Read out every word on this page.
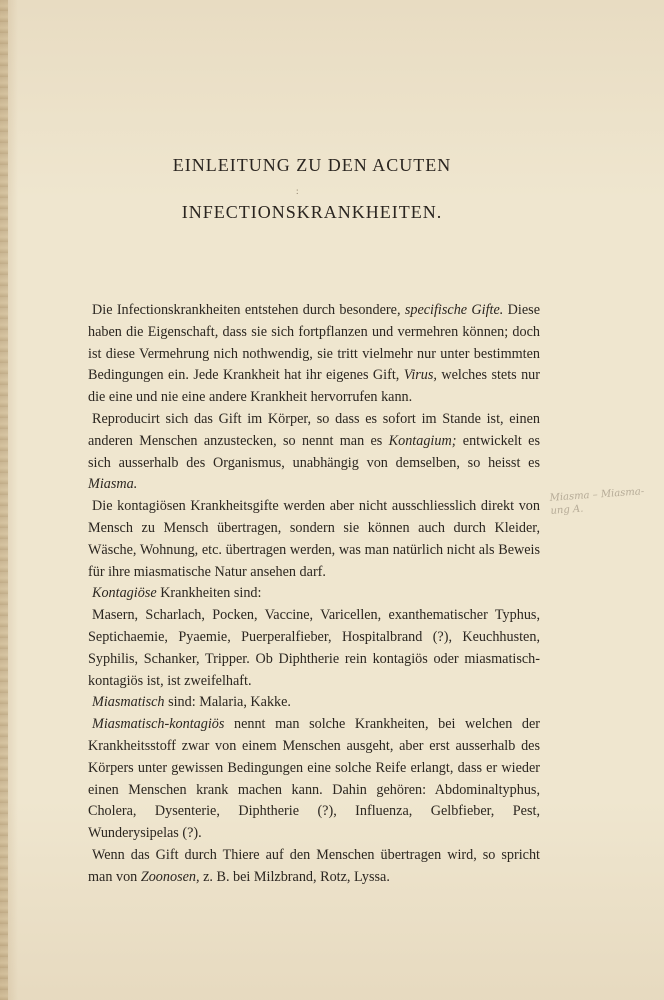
EINLEITUNG ZU DEN ACUTEN
:
INFECTIONSKRANKHEITEN.

Die Infectionskrankheiten entstehen durch besondere, specifische Gifte. Diese haben die Eigenschaft, dass sie sich fortpflanzen und vermehren können; doch ist diese Vermehrung nich nothwendig, sie tritt vielmehr nur unter bestimmten Bedingungen ein. Jede Krankheit hat ihr eigenes Gift, Virus, welches stets nur die eine und nie eine andere Krankheit hervorrufen kann.

Reproducirt sich das Gift im Körper, so dass es sofort im Stande ist, einen anderen Menschen anzustecken, so nennt man es Kontagium; entwickelt es sich ausserhalb des Organismus, unabhängig von demselben, so heisst es Miasma.

Die kontagiösen Krankheitsgifte werden aber nicht ausschliesslich direkt von Mensch zu Mensch übertragen, sondern sie können auch durch Kleider, Wäsche, Wohnung, etc. übertragen werden, was man natürlich nicht als Beweis für ihre miasmatische Natur ansehen darf.

Kontagiöse Krankheiten sind:

Masern, Scharlach, Pocken, Vaccine, Varicellen, exanthematischer Typhus, Septichaemie, Pyaemie, Puerperalfieber, Hospitalbrand (?), Keuchhusten, Syphilis, Schanker, Tripper. Ob Diphtherie rein kontagiös oder miasmatisch-kontagiös ist, ist zweifelhaft.

Miasmatisch sind: Malaria, Kakke.

Miasmatisch-kontagiös nennt man solche Krankheiten, bei welchen der Krankheitsstoff zwar von einem Menschen ausgeht, aber erst ausserhalb des Körpers unter gewissen Bedingungen eine solche Reife erlangt, dass er wieder einen Menschen krank machen kann. Dahin gehören: Abdominaltyphus, Cholera, Dysenterie, Diphtherie (?), Influenza, Gelbfieber, Pest, Wunderysipelas (?).

Wenn das Gift durch Thiere auf den Menschen übertragen wird, so spricht man von Zoonosen, z. B. bei Milzbrand, Rotz, Lyssa.

Miasma – Miasma-ung A.
